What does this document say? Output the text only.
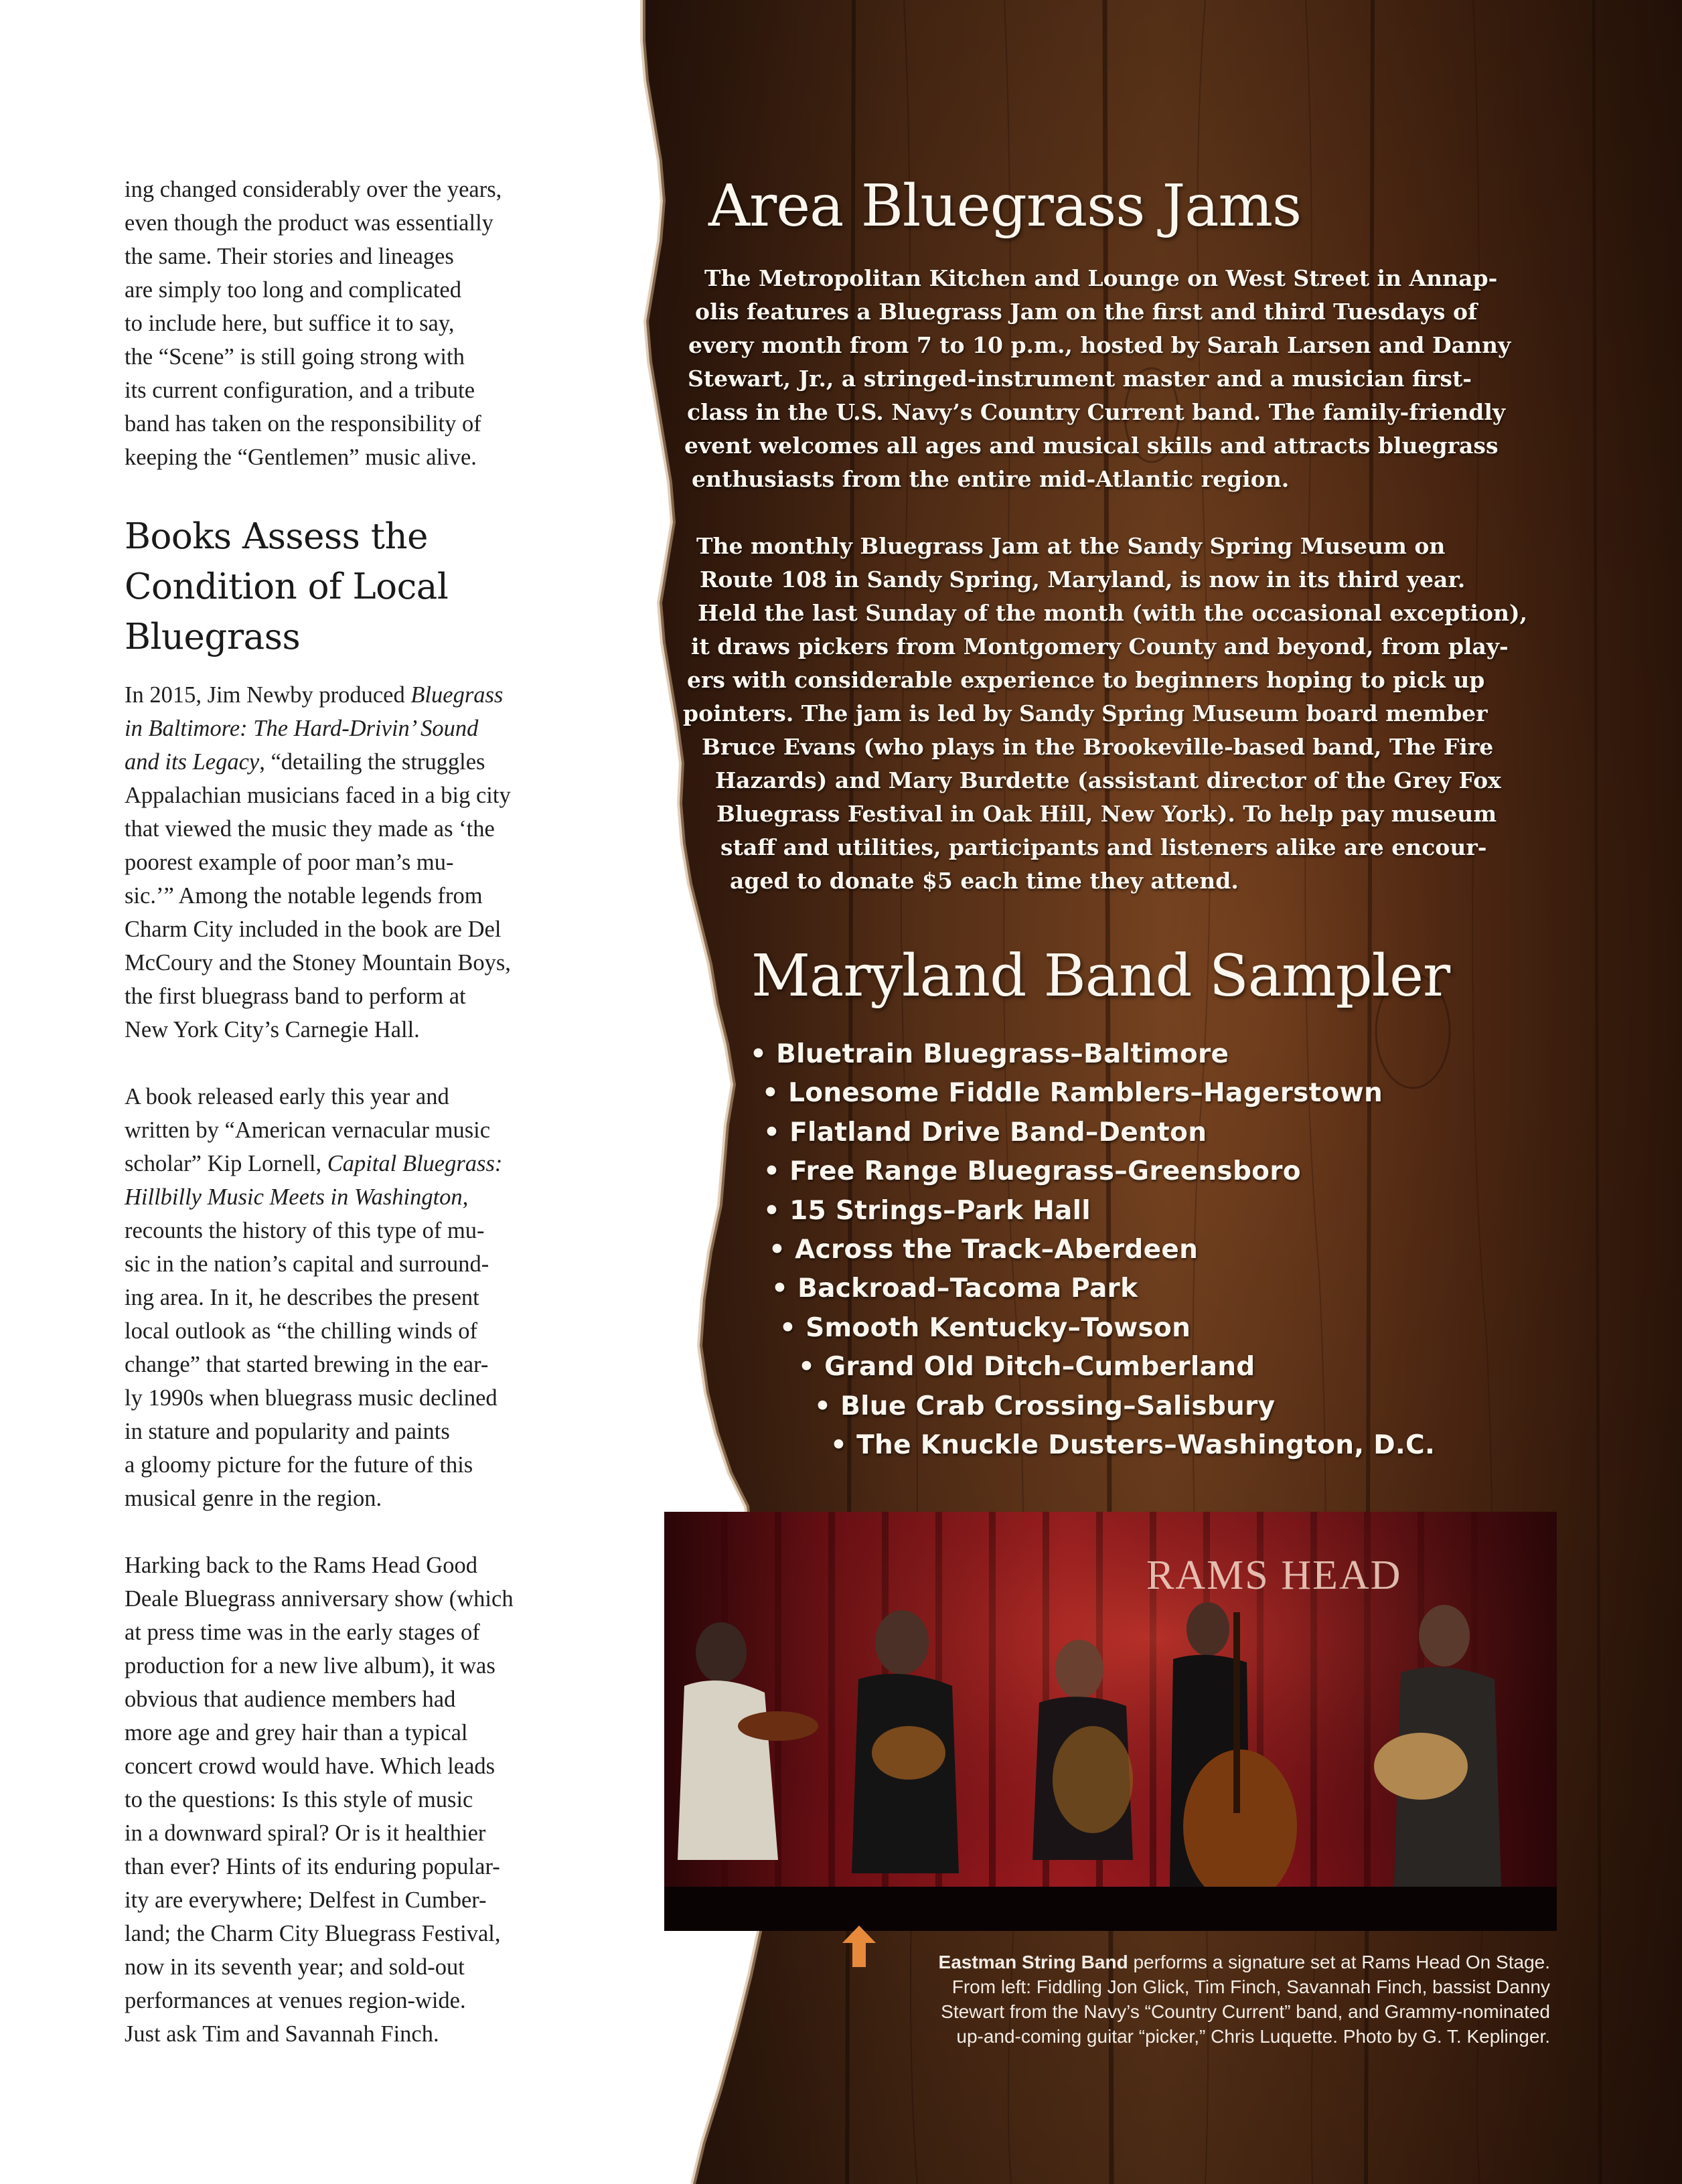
ing changed considerably over the years,

even though the product was essentially

the same. Their stories and lineages

are simply too long and complicated

to include here, but suffice it to say,

the “Scene” is still going strong with

its current configuration, and a tribute

band has taken on the responsibility of

keeping the “Gentlemen” music alive.

Books Assess the
Condition of Local
Bluegrass

In 2015, Jim Newby produced Bluegrass

in Baltimore: The Hard-Drivin’ Sound

and its Legacy, “detailing the struggles

Appalachian musicians faced in a big city

that viewed the music they made as ‘the

poorest example of poor man’s mu-

sic.’” Among the notable legends from

Charm City included in the book are Del

McCoury and the Stoney Mountain Boys,

the first bluegrass band to perform at

New York City’s Carnegie Hall.

A book released early this year and

written by “American vernacular music

scholar” Kip Lornell, Capital Bluegrass:

Hillbilly Music Meets in Washington,

recounts the history of this type of mu-

sic in the nation’s capital and surround-

ing area. In it, he describes the present

local outlook as “the chilling winds of

change” that started brewing in the ear-

ly 1990s when bluegrass music declined

in stature and popularity and paints

a gloomy picture for the future of this

musical genre in the region.

Harking back to the Rams Head Good

Deale Bluegrass anniversary show (which

at press time was in the early stages of

production for a new live album), it was

obvious that audience members had

more age and grey hair than a typical

concert crowd would have. Which leads

to the questions: Is this style of music

in a downward spiral? Or is it healthier

than ever? Hints of its enduring popular-

ity are everywhere; Delfest in Cumber-

land; the Charm City Bluegrass Festival,

now in its seventh year; and sold-out

performances at venues region-wide.

Just ask Tim and Savannah Finch.

Area Bluegrass Jams
The Metropolitan Kitchen and Lounge on West Street in Annap-
olis features a Bluegrass Jam on the first and third Tuesdays of
every month from 7 to 10 p.m., hosted by Sarah Larsen and Danny
Stewart, Jr., a stringed-instrument master and a musician first-
class in the U.S. Navy’s Country Current band. The family-friendly
event welcomes all ages and musical skills and attracts bluegrass
enthusiasts from the entire mid-Atlantic region.
The monthly Bluegrass Jam at the Sandy Spring Museum on
Route 108 in Sandy Spring, Maryland, is now in its third year.
Held the last Sunday of the month (with the occasional exception),
it draws pickers from Montgomery County and beyond, from play-
ers with considerable experience to beginners hoping to pick up
pointers. The jam is led by Sandy Spring Museum board member
Bruce Evans (who plays in the Brookeville-based band, The Fire
Hazards) and Mary Burdette (assistant director of the Grey Fox
Bluegrass Festival in Oak Hill, New York). To help pay museum
staff and utilities, participants and listeners alike are encour-
aged to donate $5 each time they attend.
Maryland Band Sampler
• Bluetrain Bluegrass–Baltimore
• Lonesome Fiddle Ramblers–Hagerstown
• Flatland Drive Band–Denton
• Free Range Bluegrass–Greensboro
• 15 Strings–Park Hall
• Across the Track–Aberdeen
• Backroad–Tacoma Park
• Smooth Kentucky–Towson
• Grand Old Ditch–Cumberland
• Blue Crab Crossing–Salisbury
• The Knuckle Dusters–Washington, D.C.
RAMS HEAD
Eastman String Band performs a signature set at Rams Head On Stage.
From left: Fiddling Jon Glick, Tim Finch, Savannah Finch, bassist Danny
Stewart from the Navy’s “Country Current” band, and Grammy-nominated
up-and-coming guitar “picker,” Chris Luquette. Photo by G. T. Keplinger.
